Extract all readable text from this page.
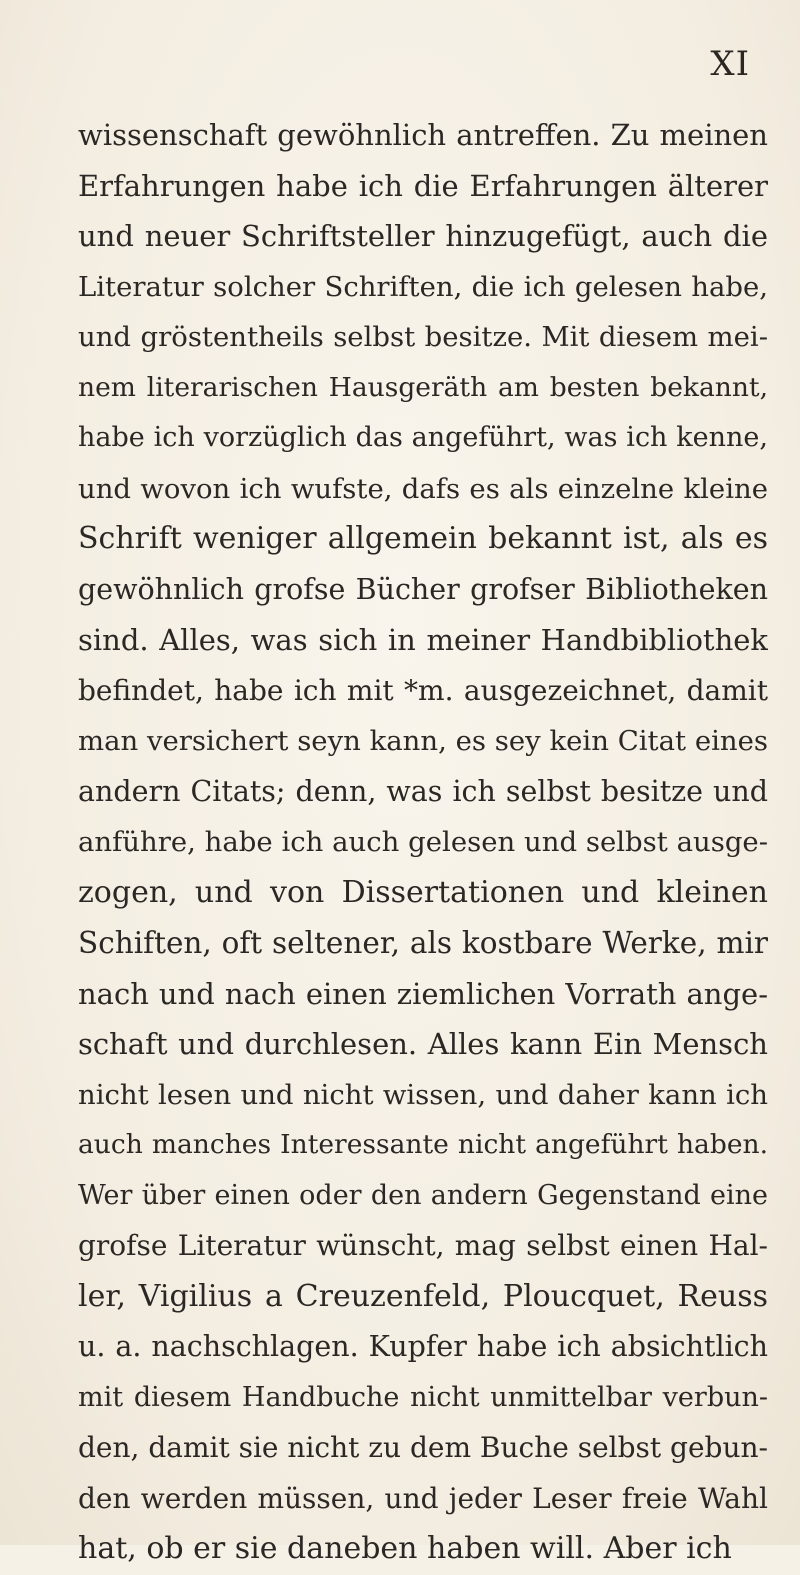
XI
wissenschaft gewöhnlich antreffen. Zu meinen
Erfahrungen habe ich die Erfahrungen älterer
und neuer Schriftsteller hinzugefügt, auch die
Literatur solcher Schriften, die ich gelesen habe,
und gröstentheils selbst besitze. Mit diesem mei-
nem literarischen Hausgeräth am besten bekannt,
habe ich vorzüglich das angeführt, was ich kenne,
und wovon ich wufste, dafs es als einzelne kleine
Schrift weniger allgemein bekannt ist, als es
gewöhnlich grofse Bücher grofser Bibliotheken
sind. Alles, was sich in meiner Handbibliothek
befindet, habe ich mit *m. ausgezeichnet, damit
man versichert seyn kann, es sey kein Citat eines
andern Citats; denn, was ich selbst besitze und
anführe, habe ich auch gelesen und selbst ausge-
zogen, und von Dissertationen und kleinen
Schiften, oft seltener, als kostbare Werke, mir
nach und nach einen ziemlichen Vorrath ange-
schaft und durchlesen. Alles kann Ein Mensch
nicht lesen und nicht wissen, und daher kann ich
auch manches Interessante nicht angeführt haben.
Wer über einen oder den andern Gegenstand eine
grofse Literatur wünscht, mag selbst einen Hal-
ler, Vigilius a Creuzenfeld, Ploucquet, Reuss
u. a. nachschlagen. Kupfer habe ich absichtlich
mit diesem Handbuche nicht unmittelbar verbun-
den, damit sie nicht zu dem Buche selbst gebun-
den werden müssen, und jeder Leser freie Wahl
hat, ob er sie daneben haben will. Aber ich
